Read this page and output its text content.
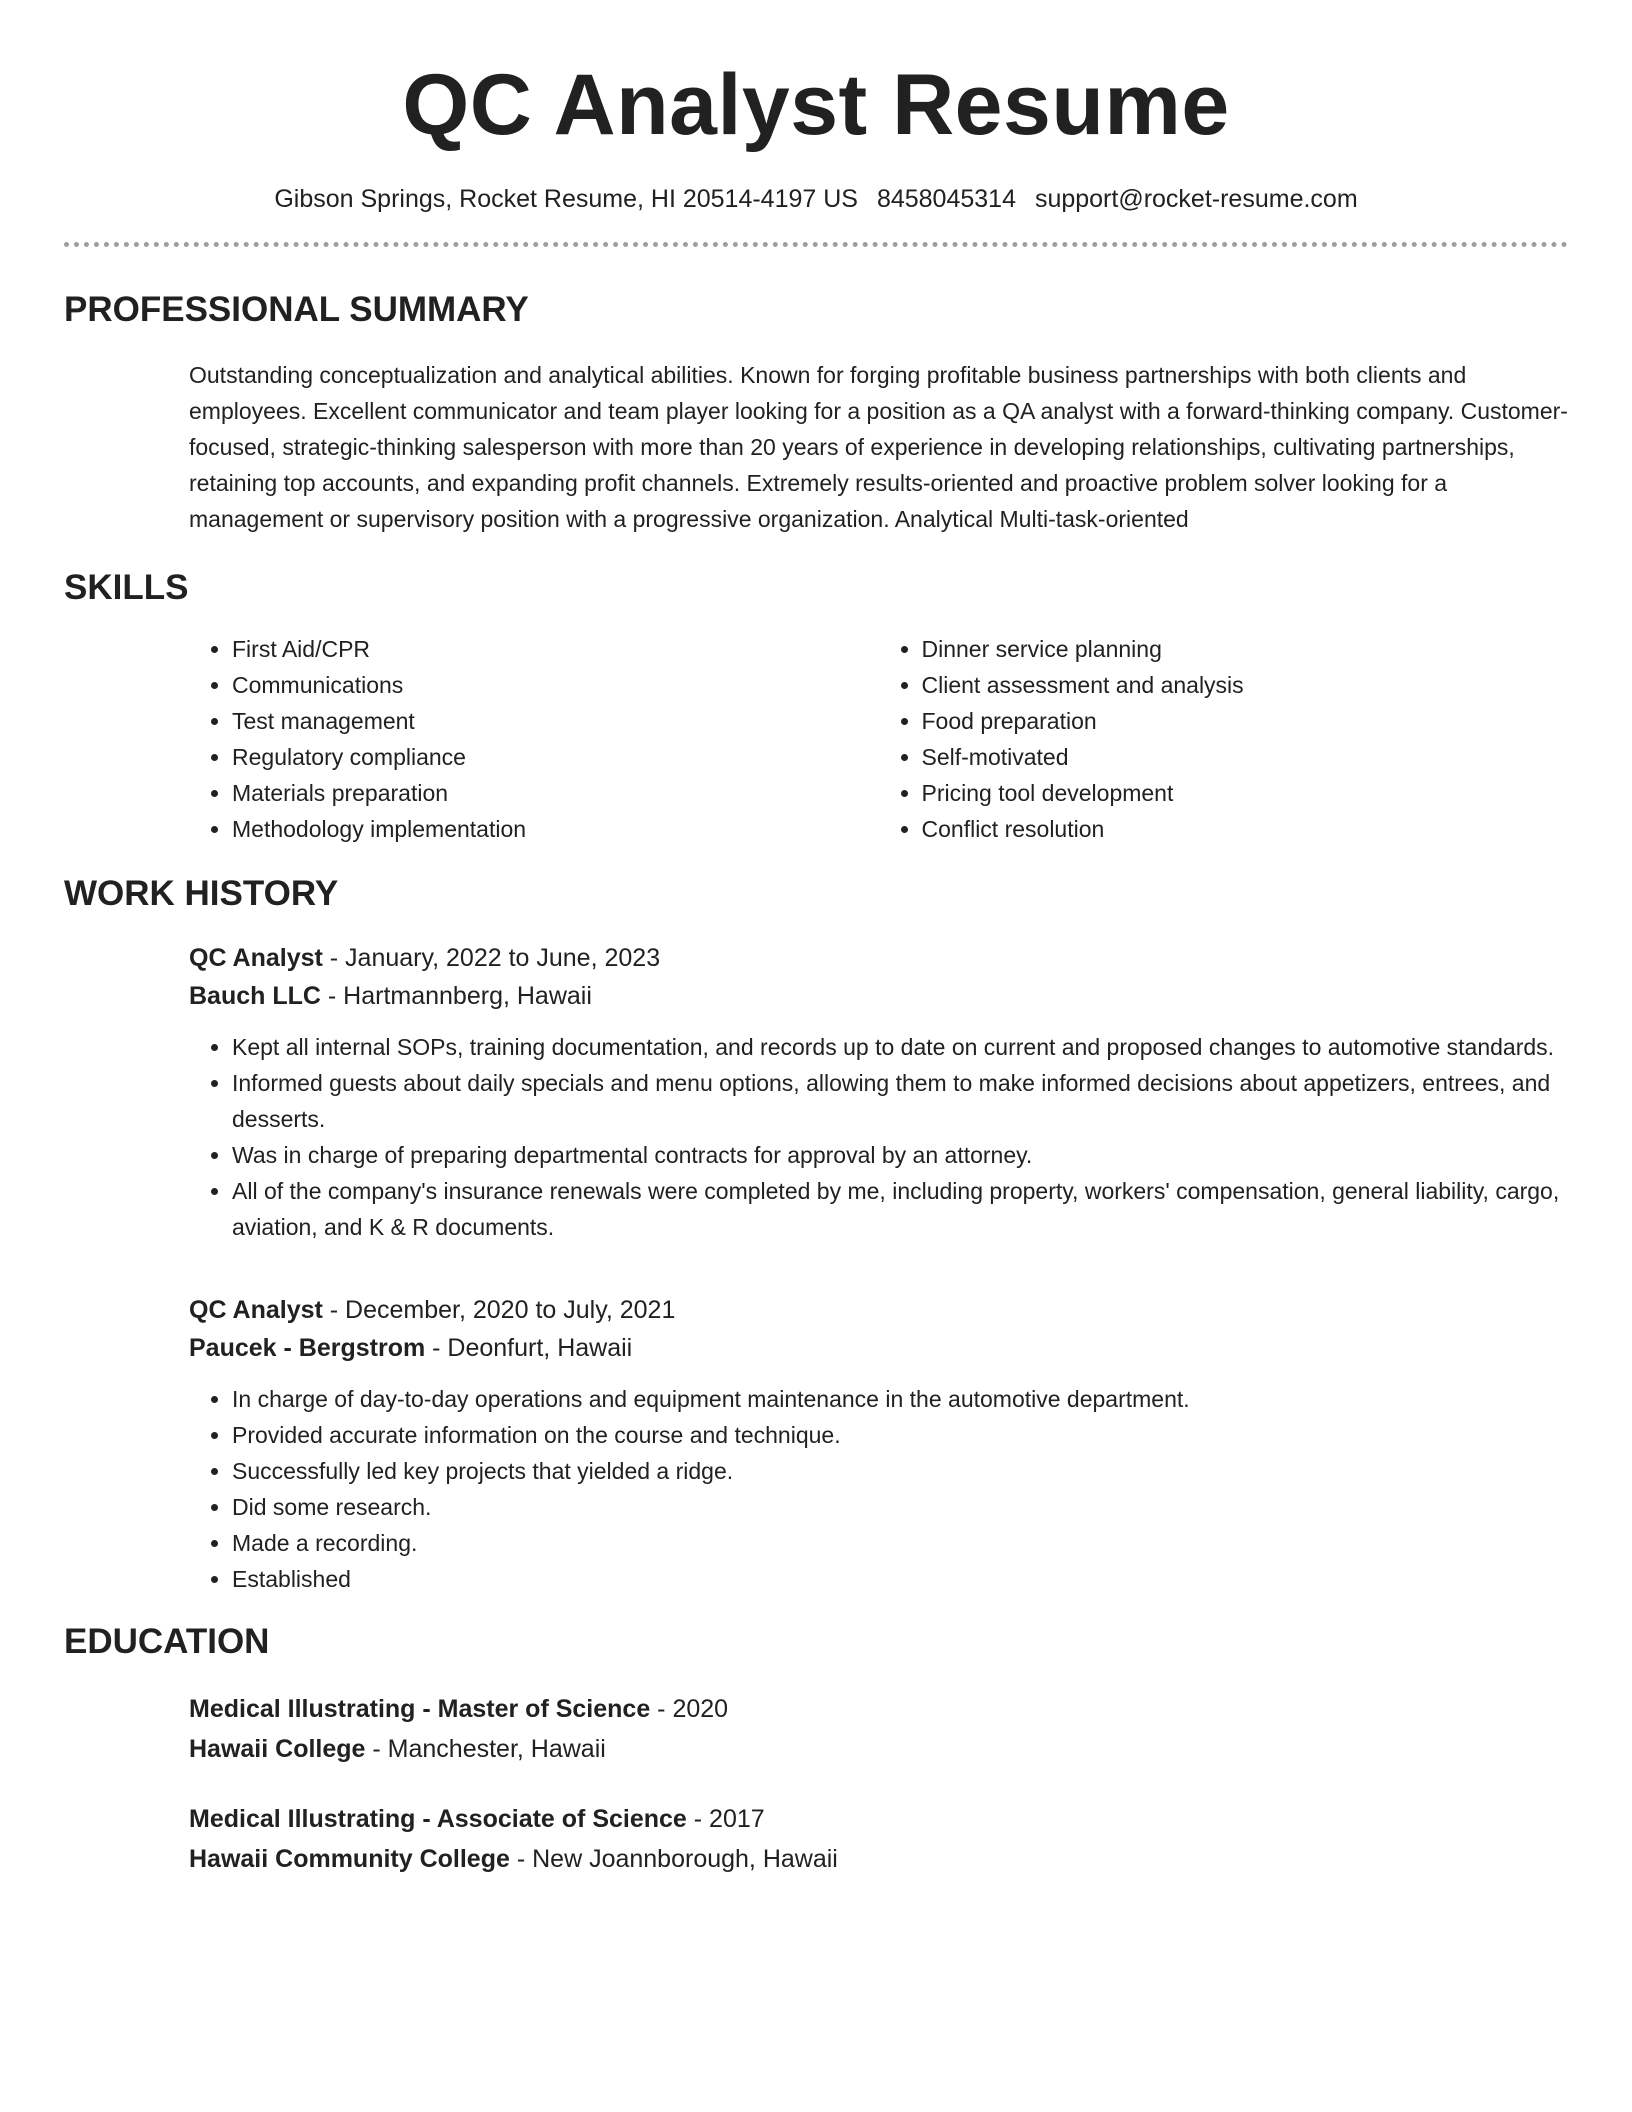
QC Analyst Resume
Gibson Springs, Rocket Resume, HI 20514-4197 US 8458045314 support@rocket-resume.com
PROFESSIONAL SUMMARY
Outstanding conceptualization and analytical abilities. Known for forging profitable business partnerships with both clients and employees. Excellent communicator and team player looking for a position as a QA analyst with a forward-thinking company. Customer-focused, strategic-thinking salesperson with more than 20 years of experience in developing relationships, cultivating partnerships, retaining top accounts, and expanding profit channels. Extremely results-oriented and proactive problem solver looking for a management or supervisory position with a progressive organization. Analytical Multi-task-oriented
SKILLS
• First Aid/CPR
• Communications
• Test management
• Regulatory compliance
• Materials preparation
• Methodology implementation
• Dinner service planning
• Client assessment and analysis
• Food preparation
• Self-motivated
• Pricing tool development
• Conflict resolution
WORK HISTORY
QC Analyst - January, 2022 to June, 2023
Bauch LLC - Hartmannberg, Hawaii
• Kept all internal SOPs, training documentation, and records up to date on current and proposed changes to automotive standards.
• Informed guests about daily specials and menu options, allowing them to make informed decisions about appetizers, entrees, and desserts.
• Was in charge of preparing departmental contracts for approval by an attorney.
• All of the company's insurance renewals were completed by me, including property, workers' compensation, general liability, cargo, aviation, and K & R documents.
QC Analyst - December, 2020 to July, 2021
Paucek - Bergstrom - Deonfurt, Hawaii
• In charge of day-to-day operations and equipment maintenance in the automotive department.
• Provided accurate information on the course and technique.
• Successfully led key projects that yielded a ridge.
• Did some research.
• Made a recording.
• Established
EDUCATION
Medical Illustrating - Master of Science - 2020
Hawaii College - Manchester, Hawaii
Medical Illustrating - Associate of Science - 2017
Hawaii Community College - New Joannborough, Hawaii
